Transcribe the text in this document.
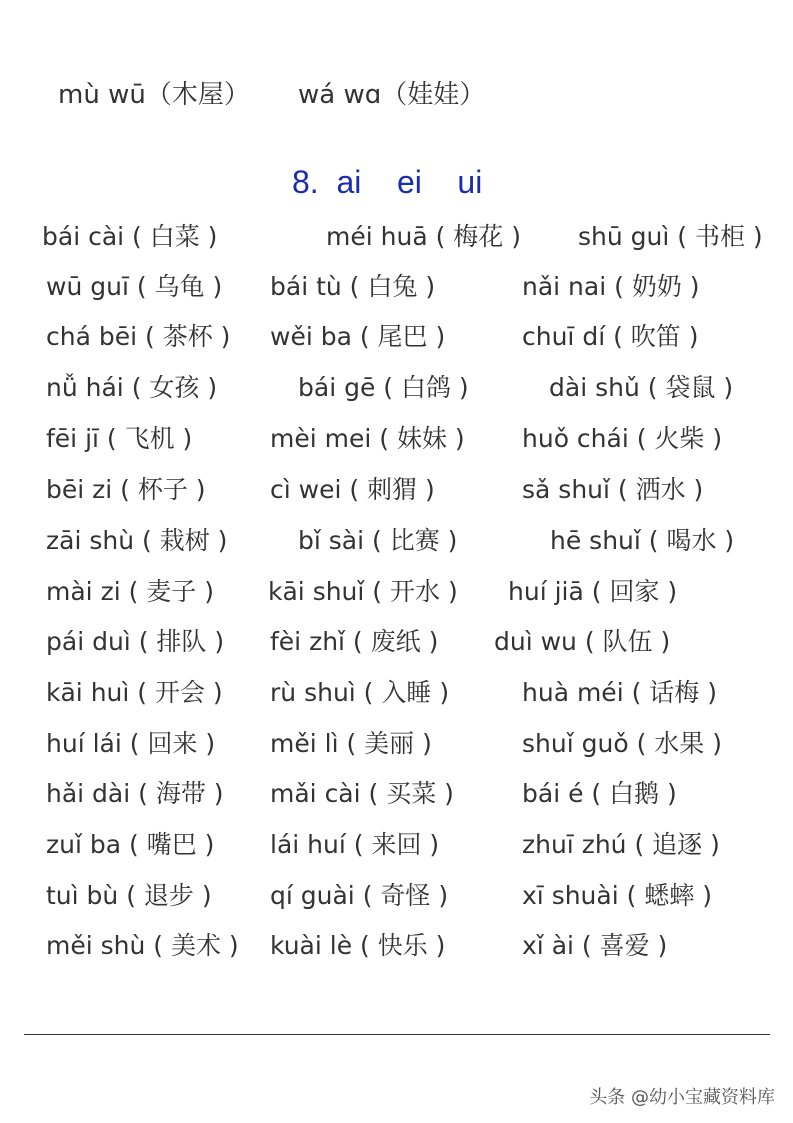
mù wū（木屋） wá wɑ（娃娃）
8.  ai    ei    ui
bái cài ( 白菜 )	méi huā ( 梅花 ) shū guì ( 书柜 )
wū guī ( 乌龟 ) bái tù ( 白兔 )	nǎi nai ( 奶奶 )
chá bēi ( 茶杯 ) wěi ba ( 尾巴 )	chuī dí ( 吹笛 )
nǚ hái ( 女孩 )	bái gē ( 白鸽 )	dài shǔ ( 袋鼠 )
fēi jī ( 飞机 )	mèi mei ( 妹妹 ) huǒ chái ( 火柴 )
bēi zi ( 杯子 )	cì wei ( 刺猬 )	sǎ shuǐ ( 洒水 )
zāi shù ( 栽树 )	bǐ sài ( 比赛 )	hē shuǐ ( 喝水 )
mài zi ( 麦子 ) kāi shuǐ ( 开水 ) huí jiā ( 回家 )
pái duì ( 排队 ) fèi zhǐ ( 废纸 ) duì wu ( 队伍 )
kāi huì ( 开会 ) rù shuì ( 入睡 )	huà méi ( 话梅 )
huí lái ( 回来 ) měi lì ( 美丽 )	shuǐ guǒ ( 水果 )
hǎi dài ( 海带 ) mǎi cài ( 买菜 )	bái é ( 白鹅 )
zuǐ ba ( 嘴巴 ) lái huí ( 来回 )	zhuī zhú ( 追逐 )
tuì bù ( 退步 ) qí guài ( 奇怪 )	xī shuài ( 蟋蟀 )
měi shù ( 美术 ) kuài lè ( 快乐 )	xǐ ài ( 喜爱 )
头条 @幼小宝藏资料库
